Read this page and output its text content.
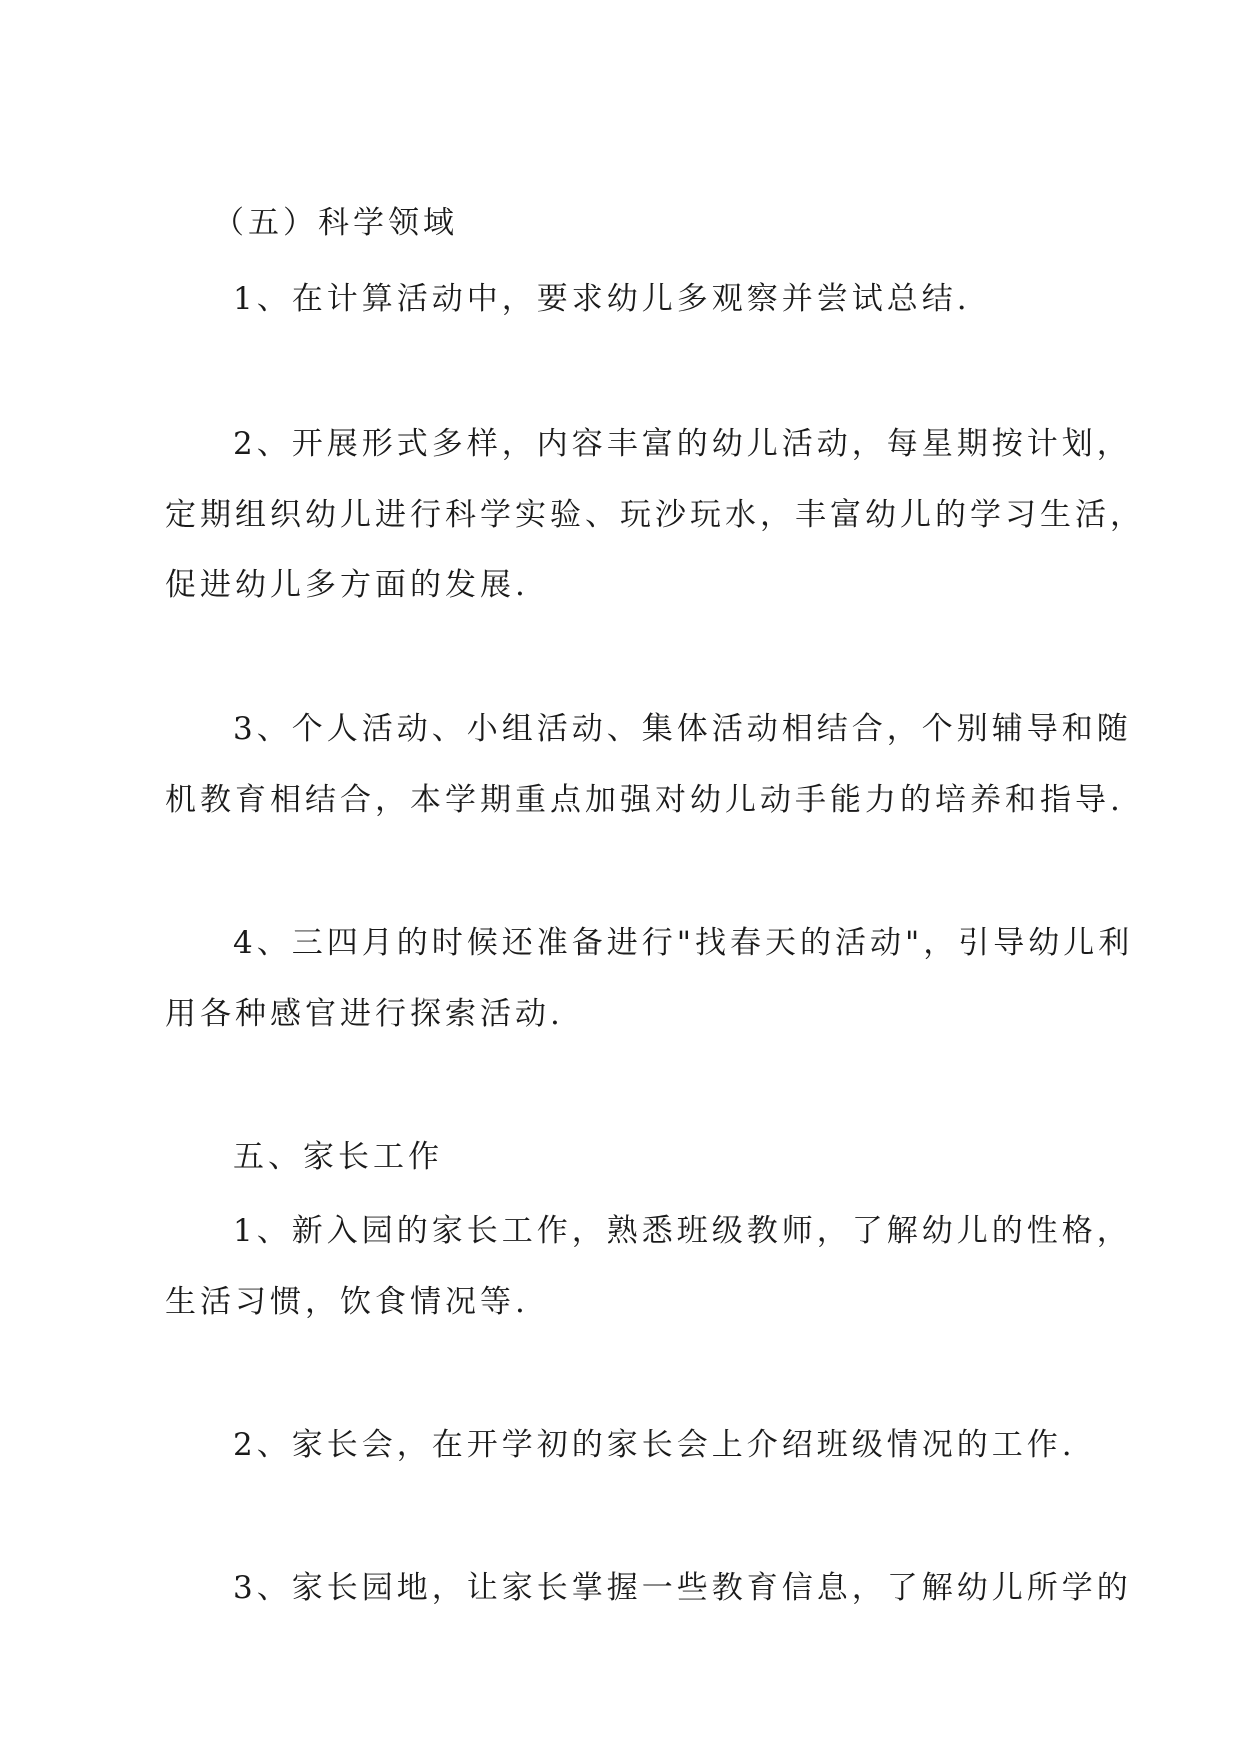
（五）科学领域
1、在计算活动中，要求幼儿多观察并尝试总结.
2、开展形式多样，内容丰富的幼儿活动，每星期按计划，
定期组织幼儿进行科学实验、玩沙玩水，丰富幼儿的学习生活，
促进幼儿多方面的发展.
3、个人活动、小组活动、集体活动相结合，个别辅导和随
机教育相结合，本学期重点加强对幼儿动手能力的培养和指导.
4、三四月的时候还准备进行"找春天的活动"，引导幼儿利
用各种感官进行探索活动.
五、家长工作
1、新入园的家长工作，熟悉班级教师，了解幼儿的性格，
生活习惯，饮食情况等.
2、家长会，在开学初的家长会上介绍班级情况的工作.
3、家长园地，让家长掌握一些教育信息，了解幼儿所学的
